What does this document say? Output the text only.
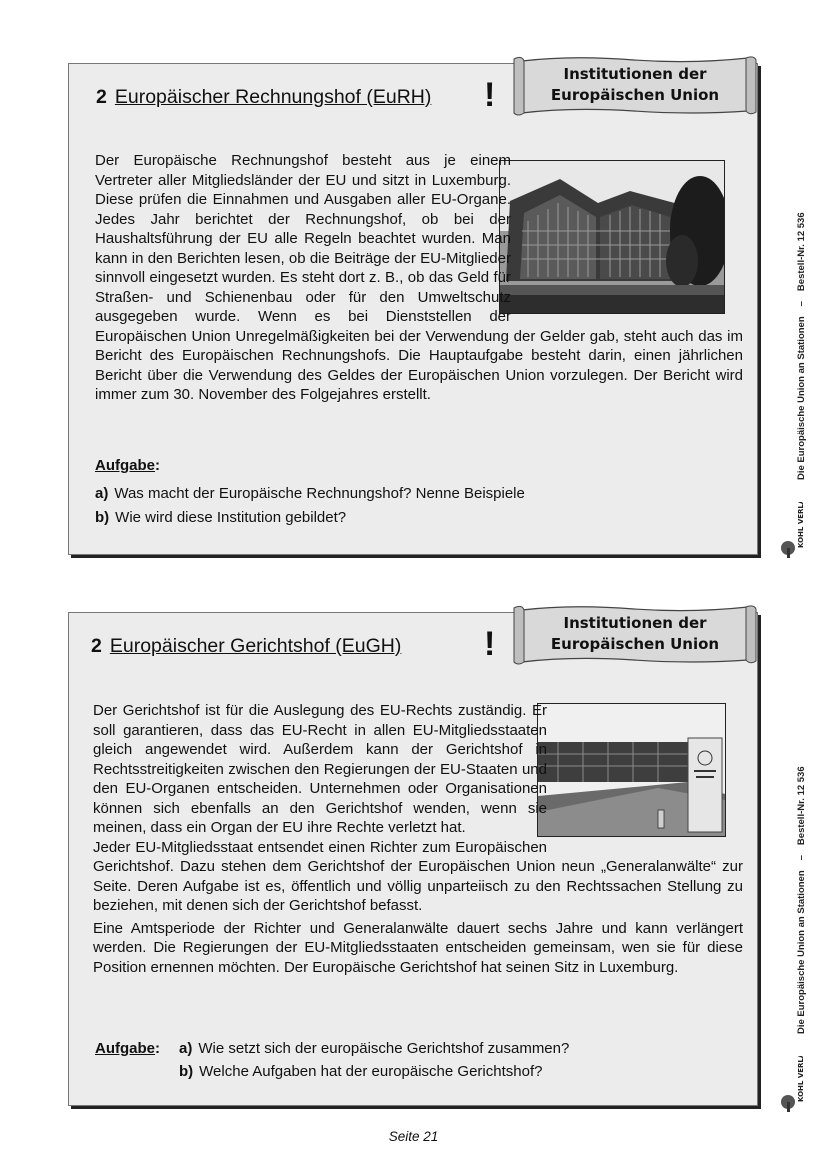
2 Europäischer Rechnungshof (EuRH) !

Der Europäische Rechnungshof besteht aus je einem Vertreter aller Mitgliedsländer der EU und sitzt in Luxemburg. Diese prüfen die Einnahmen und Ausgaben aller EU-Organe. Jedes Jahr berichtet der Rechnungshof, ob bei der Haushaltsführung der EU alle Regeln beachtet wurden. Man kann in den Berichten lesen, ob die Beiträge der EU-Mitglieder sinnvoll eingesetzt wurden. Es steht dort z. B., ob das Geld für Straßen- und Schienenbau oder für den Umweltschutz ausgegeben wurde. Wenn es bei Dienststellen der Europäischen Union Unregelmäßigkeiten bei der Verwendung der Gelder gab, steht auch das im Bericht des Europäischen Rechnungshofs. Die Hauptaufgabe besteht darin, einen jährlichen Bericht über die Verwendung des Geldes der Europäischen Union vorzulegen. Der Bericht wird immer zum 30. November des Folgejahres erstellt.

Aufgabe:
a) Was macht der Europäische Rechnungshof? Nenne Beispiele
b) Wie wird diese Institution gebildet?
Institutionen der
Europäischen Union
2 Europäischer Gerichtshof (EuGH) !

Der Gerichtshof ist für die Auslegung des EU-Rechts zuständig. Er soll garantieren, dass das EU-Recht in allen EU-Mitgliedsstaaten gleich angewendet wird. Außerdem kann der Gerichtshof in Rechtsstreitigkeiten zwischen den Regierungen der EU-Staaten und den EU-Organen entscheiden. Unternehmen oder Organisationen können sich ebenfalls an den Gerichtshof wenden, wenn sie meinen, dass ein Organ der EU ihre Rechte verletzt hat.

Jeder EU-Mitgliedsstaat entsendet einen Richter zum Europäischen Gerichtshof. Dazu stehen dem Gerichtshof der Europäischen Union neun „Generalanwälte“ zur Seite. Deren Aufgabe ist es, öffentlich und völlig unparteiisch zu den Rechtssachen Stellung zu beziehen, mit denen sich der Gerichtshof befasst.

Eine Amtsperiode der Richter und Generalanwälte dauert sechs Jahre und kann verlängert werden. Die Regierungen der EU-Mitgliedsstaaten entscheiden gemeinsam, wen sie für diese Position ernennen möchten. Der Europäische Gerichtshof hat seinen Sitz in Luxemburg.

Aufgabe:	a) Wie setzt sich der europäische Gerichtshof zusammen?
b) Welche Aufgaben hat der europäische Gerichtshof?
Institutionen der
Europäischen Union
Die Europäische Union an Stationen–Bestell-Nr. 12 536
KOHL VERLAG
Die Europäische Union an Stationen–Bestell-Nr. 12 536
KOHL VERLAG
Seite 21
